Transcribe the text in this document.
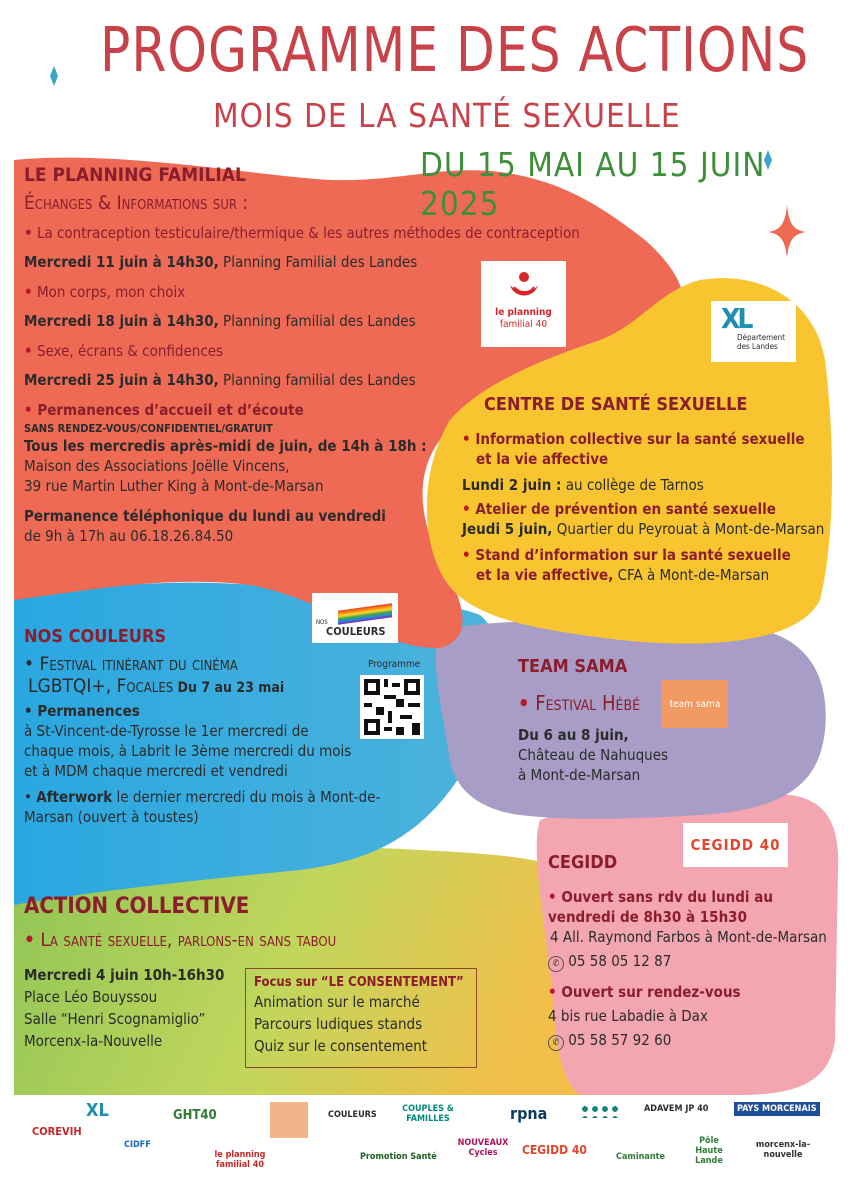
PROGRAMME DES ACTIONS
MOIS DE LA SANTÉ SEXUELLE
DU 15 MAI AU 15 JUIN 2025
LE PLANNING FAMILIAL
Échanges & Informations sur :
• La contraception testiculaire/thermique & les autres méthodes de contraception
Mercredi 11 juin à 14h30, Planning Familial des Landes
• Mon corps, mon choix
Mercredi 18 juin à 14h30, Planning familial des Landes
• Sexe, écrans & confidences
Mercredi 25 juin à 14h30, Planning familial des Landes
• Permanences d’accueil et d’écoute
SANS RENDEZ-VOUS/CONFIDENTIEL/GRATUIT
Tous les mercredis après-midi de juin, de 14h à 18h :
Maison des Associations Joëlle Vincens,
39 rue Martin Luther King à Mont-de-Marsan
Permanence téléphonique du lundi au vendredi
de 9h à 17h au 06.18.26.84.50
le planning
familial 40	XL
Département
des Landes
CENTRE DE SANTÉ SEXUELLE
• Information collective sur la santé sexuelle
et la vie affective
Lundi 2 juin : au collège de Tarnos
• Atelier de prévention en santé sexuelle
Jeudi 5 juin, Quartier du Peyrouat à Mont-de-Marsan
• Stand d’information sur la santé sexuelle
et la vie affective, CFA à Mont-de-Marsan
NOS
COULEURS
NOS COULEURS
• Festival itinérant du cinéma
LGBTQI+, Focales Du 7 au 23 mai
• Permanences
à St-Vincent-de-Tyrosse le 1er mercredi de
chaque mois, à Labrit le 3ème mercredi du mois
et à MDM chaque mercredi et vendredi
• Afterwork le dernier mercredi du mois à Mont-de-
Marsan (ouvert à toustes)
Programme	TEAM SAMA
• Festival Hébé
Du 6 au 8 juin,
Château de Nahuques
à Mont-de-Marsan
team sama
CEGIDD 40
CEGIDD
• Ouvert sans rdv du lundi au
vendredi de 8h30 à 15h30
4 All. Raymond Farbos à Mont-de-Marsan
✆ 05 58 05 12 87
• Ouvert sur rendez-vous
4 bis rue Labadie à Dax
✆ 05 58 57 92 60
ACTION COLLECTIVE
• La santé sexuelle, parlons-en sans tabou
Mercredi 4 juin 10h-16h30
Place Léo Bouyssou
Salle “Henri Scognamiglio”
Morcenx-la-Nouvelle
Focus sur “LE CONSENTEMENT”
Animation sur le marché
Parcours ludiques stands
Quiz sur le consentement
COREVIH
XL	GHT40
CIDFF
le planning familial 40
COULEURS
Promotion Santé
COUPLES & FAMILLES
NOUVEAUX Cycles
rpna
CEGIDD 40
ADAVEM JP 40
Caminante
PAYS MORCENAIS
Pôle Haute Lande
morcenx-la-nouvelle
